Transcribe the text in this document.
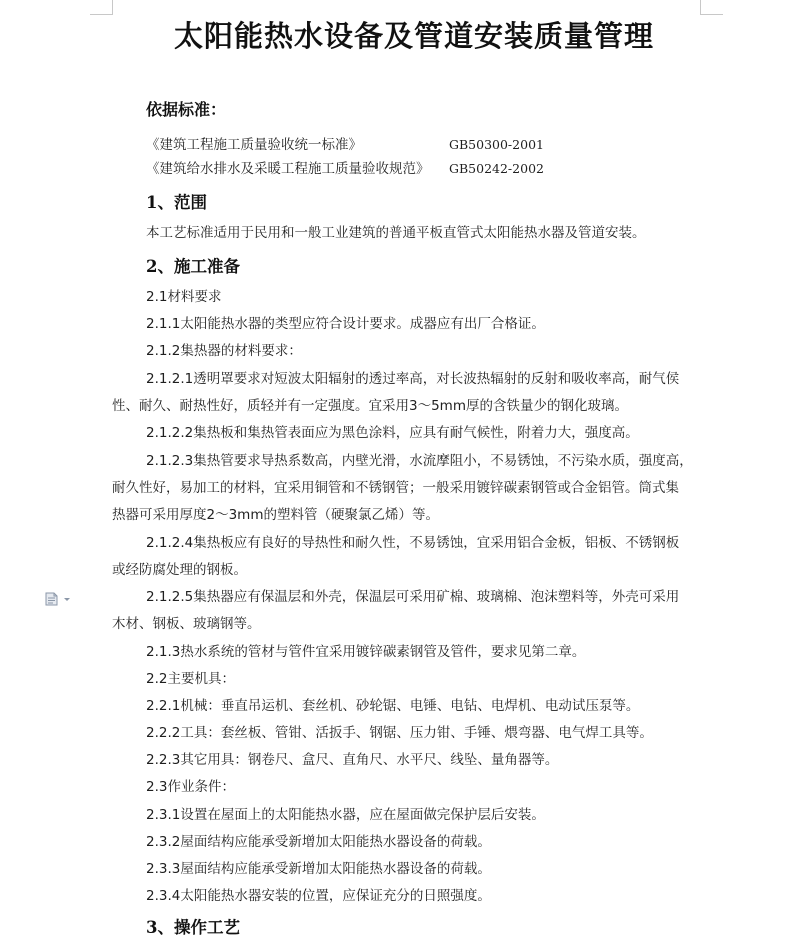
太阳能热水设备及管道安装质量管理
依据标准：
《建筑工程施工质量验收统一标准》	GB50300-2001
《建筑给水排水及采暖工程施工质量验收规范》 GB50242-2002
1、范围
本工艺标准适用于民用和一般工业建筑的普通平板直管式太阳能热水器及管道安装。
2、施工准备
2.1材料要求
2.1.1太阳能热水器的类型应符合设计要求。成器应有出厂合格证。
2.1.2集热器的材料要求：
2.1.2.1透明罩要求对短波太阳辐射的透过率高，对长波热辐射的反射和吸收率高，耐气侯
性、耐久、耐热性好，质轻并有一定强度。宜采用3～5mm厚的含铁量少的钢化玻璃。
2.1.2.2集热板和集热管表面应为黑色涂料，应具有耐气候性，附着力大，强度高。
2.1.2.3集热管要求导热系数高，内壁光滑，水流摩阻小，不易锈蚀，不污染水质，强度高，
耐久性好，易加工的材料，宜采用铜管和不锈钢管；一般采用镀锌碳素钢管或合金铝管。筒式集
热器可采用厚度2～3mm的塑料管（硬聚氯乙烯）等。
2.1.2.4集热板应有良好的导热性和耐久性，不易锈蚀，宜采用铝合金板，铝板、不锈钢板
或经防腐处理的钢板。
2.1.2.5集热器应有保温层和外壳，保温层可采用矿棉、玻璃棉、泡沫塑料等，外壳可采用
木材、钢板、玻璃钢等。
2.1.3热水系统的管材与管件宜采用镀锌碳素钢管及管件，要求见第二章。
2.2主要机具：
2.2.1机械：垂直吊运机、套丝机、砂轮锯、电锤、电钻、电焊机、电动试压泵等。
2.2.2工具：套丝板、管钳、活扳手、钢锯、压力钳、手锤、煨弯器、电气焊工具等。
2.2.3其它用具：钢卷尺、盒尺、直角尺、水平尺、线坠、量角器等。
2.3作业条件：
2.3.1设置在屋面上的太阳能热水器，应在屋面做完保护层后安装。
2.3.2屋面结构应能承受新增加太阳能热水器设备的荷载。
2.3.3屋面结构应能承受新增加太阳能热水器设备的荷载。
2.3.4太阳能热水器安装的位置，应保证充分的日照强度。
3、操作工艺
